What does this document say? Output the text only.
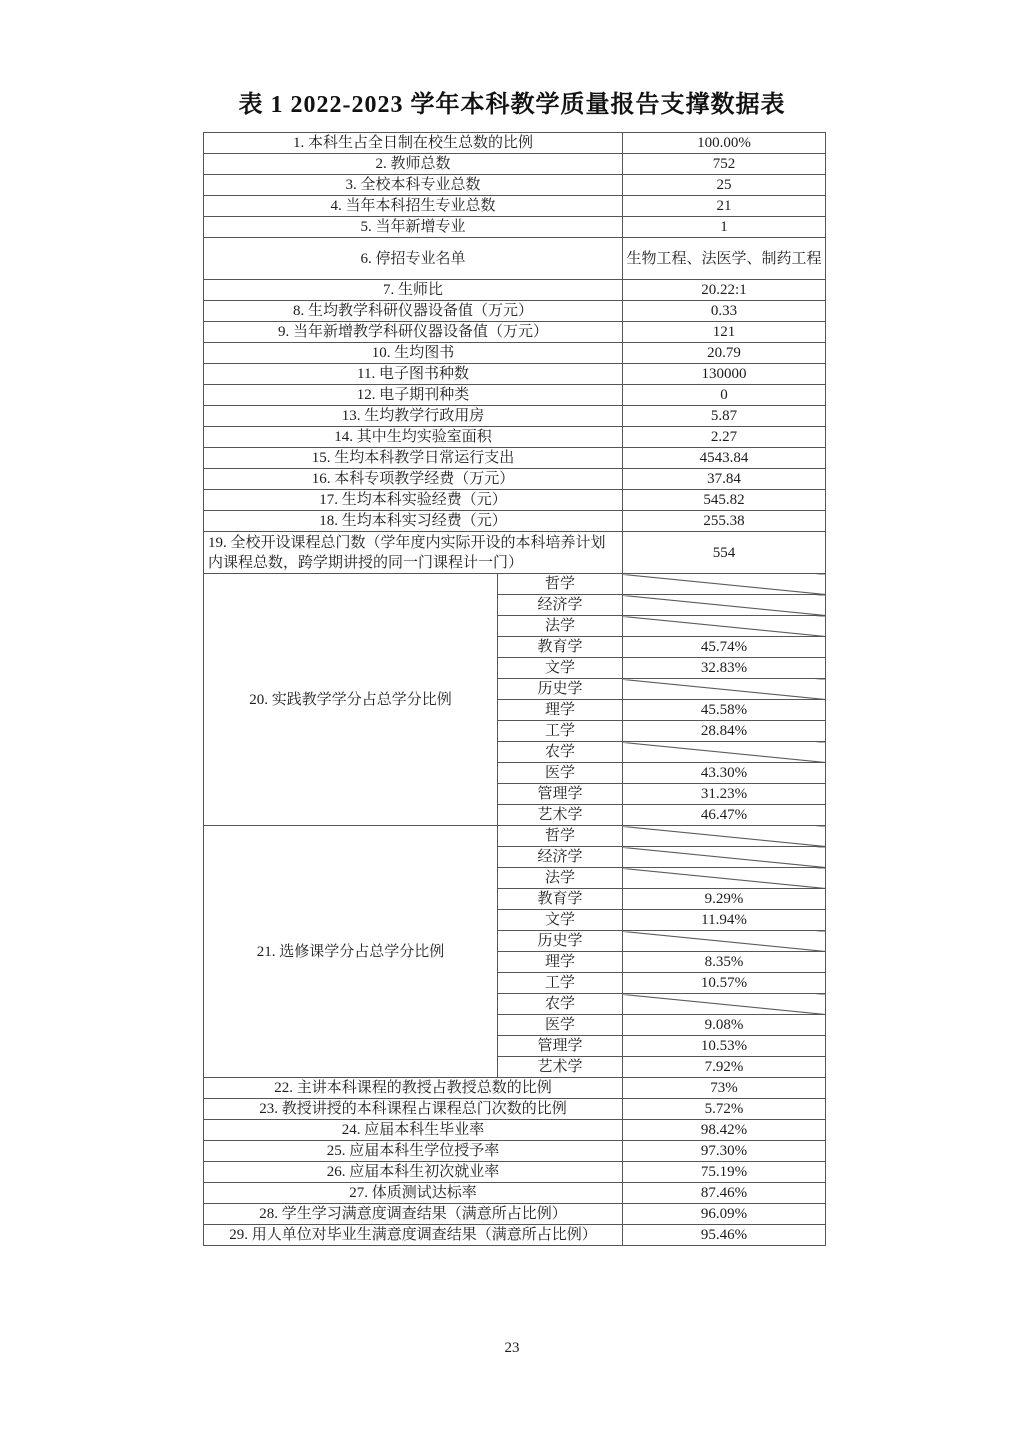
表 1 2022-2023 学年本科教学质量报告支撑数据表
1. 本科生占全日制在校生总数的比例		100.00%
2. 教师总数		752
3. 全校本科专业总数		25
4. 当年本科招生专业总数		21
5. 当年新增专业		1
6. 停招专业名单		生物工程、法医学、制药工程
7. 生师比		20.22:1
8. 生均教学科研仪器设备值（万元）		0.33
9. 当年新增教学科研仪器设备值（万元）		121
10. 生均图书		20.79
11. 电子图书种数		130000
12. 电子期刊种类		0
13. 生均教学行政用房		5.87
14. 其中生均实验室面积		2.27
15. 生均本科教学日常运行支出		4543.84
16. 本科专项教学经费（万元）		37.84
17. 生均本科实验经费（元）		545.82
18. 生均本科实习经费（元）		255.38
19. 全校开设课程总门数（学年度内实际开设的本科培养计划内课程总数，跨学期讲授的同一门课程计一门）		554
20. 实践教学学分占总学分比例	哲学	
	经济学	
	法学	
	教育学	45.74%
	文学	32.83%
	历史学	
	理学	45.58%
	工学	28.84%
	农学	
	医学	43.30%
	管理学	31.23%
	艺术学	46.47%
21. 选修课学分占总学分比例	哲学	
	经济学	
	法学	
	教育学	9.29%
	文学	11.94%
	历史学	
	理学	8.35%
	工学	10.57%
	农学	
	医学	9.08%
	管理学	10.53%
	艺术学	7.92%
22. 主讲本科课程的教授占教授总数的比例		73%
23. 教授讲授的本科课程占课程总门次数的比例		5.72%
24. 应届本科生毕业率		98.42%
25. 应届本科生学位授予率		97.30%
26. 应届本科生初次就业率		75.19%
27. 体质测试达标率		87.46%
28. 学生学习满意度调查结果（满意所占比例）		96.09%
29. 用人单位对毕业生满意度调查结果（满意所占比例）		95.46%
23
